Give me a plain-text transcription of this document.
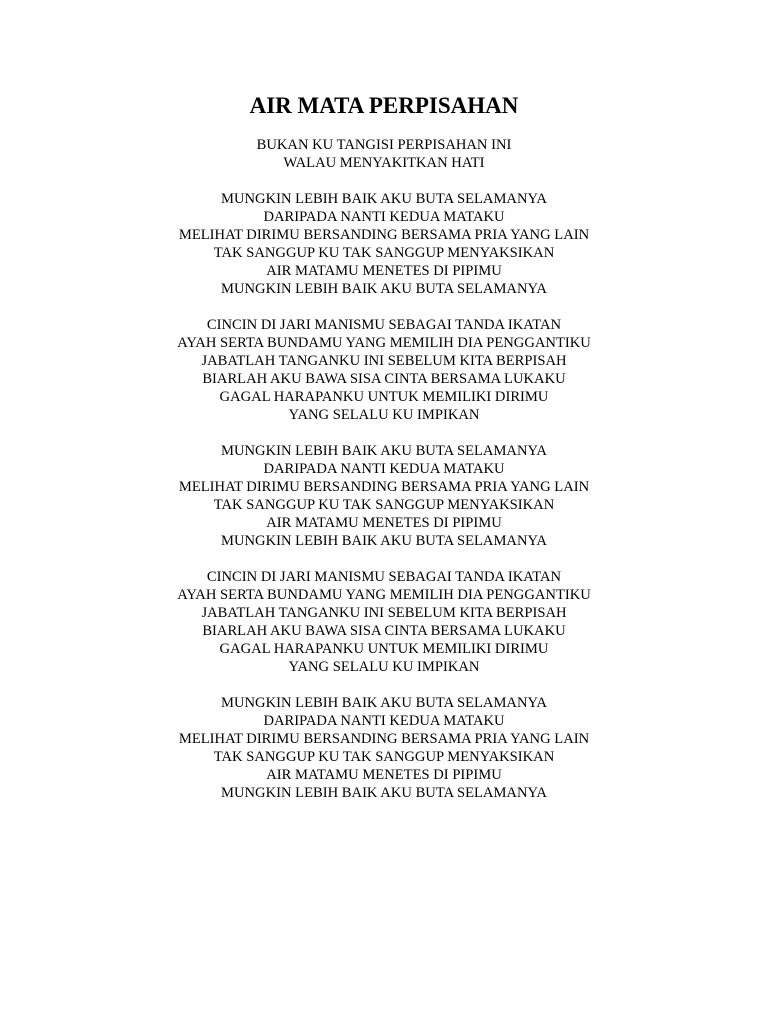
AIR MATA PERPISAHAN
BUKAN KU TANGISI PERPISAHAN INI
WALAU MENYAKITKAN HATI
MUNGKIN LEBIH BAIK AKU BUTA SELAMANYA
DARIPADA NANTI KEDUA MATAKU
MELIHAT DIRIMU BERSANDING BERSAMA PRIA YANG LAIN
TAK SANGGUP KU TAK SANGGUP MENYAKSIKAN
AIR MATAMU MENETES DI PIPIMU
MUNGKIN LEBIH BAIK AKU BUTA SELAMANYA
CINCIN DI JARI MANISMU SEBAGAI TANDA IKATAN
AYAH SERTA BUNDAMU YANG MEMILIH DIA PENGGANTIKU
JABATLAH TANGANKU INI SEBELUM KITA BERPISAH
BIARLAH AKU BAWA SISA CINTA BERSAMA LUKAKU
GAGAL HARAPANKU UNTUK MEMILIKI DIRIMU
YANG SELALU KU IMPIKAN
MUNGKIN LEBIH BAIK AKU BUTA SELAMANYA
DARIPADA NANTI KEDUA MATAKU
MELIHAT DIRIMU BERSANDING BERSAMA PRIA YANG LAIN
TAK SANGGUP KU TAK SANGGUP MENYAKSIKAN
AIR MATAMU MENETES DI PIPIMU
MUNGKIN LEBIH BAIK AKU BUTA SELAMANYA
CINCIN DI JARI MANISMU SEBAGAI TANDA IKATAN
AYAH SERTA BUNDAMU YANG MEMILIH DIA PENGGANTIKU
JABATLAH TANGANKU INI SEBELUM KITA BERPISAH
BIARLAH AKU BAWA SISA CINTA BERSAMA LUKAKU
GAGAL HARAPANKU UNTUK MEMILIKI DIRIMU
YANG SELALU KU IMPIKAN
MUNGKIN LEBIH BAIK AKU BUTA SELAMANYA
DARIPADA NANTI KEDUA MATAKU
MELIHAT DIRIMU BERSANDING BERSAMA PRIA YANG LAIN
TAK SANGGUP KU TAK SANGGUP MENYAKSIKAN
AIR MATAMU MENETES DI PIPIMU
MUNGKIN LEBIH BAIK AKU BUTA SELAMANYA
